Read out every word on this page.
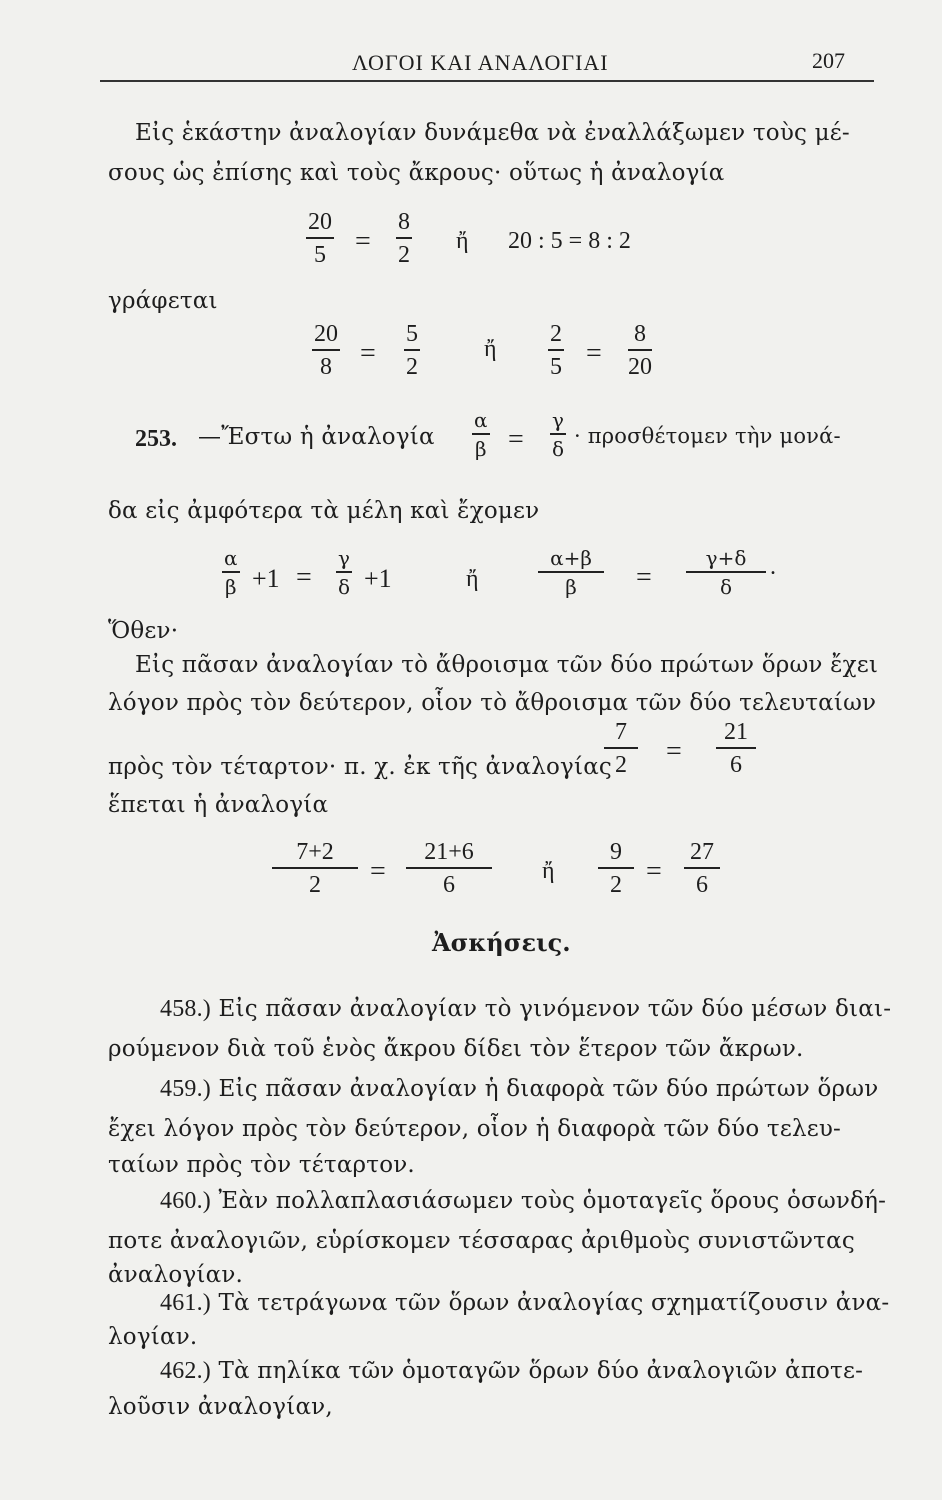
ΛΟΓΟΙ ΚΑΙ ΑΝΑΛΟΓΙΑΙ	207
Εἰς ἑκάστην ἀναλογίαν δυνάμεθα νὰ ἐναλλάξωμεν τοὺς μέ-
σους ὡς ἐπίσης καὶ τοὺς ἄκρους· οὕτως ἡ ἀναλογία
20
5 =
8
2
ἤ 20 : 5 = 8 : 2
γράφεται
20
8 =
5
2
ἤ
2
5 =
8
20
253. —Ἔστω ἡ ἀναλογία
α
β =
γ
δ
· προσθέτομεν τὴν μονά-
δα εἰς ἀμφότερα τὰ μέλη καὶ ἔχομεν
α
β +1 =
γ
δ +1	ἤ
α+β
β =
γ+δ
δ
.
Ὅθεν·
Εἰς πᾶσαν ἀναλογίαν τὸ ἄθροισμα τῶν δύο πρώτων ὅρων ἔχει
λόγον πρὸς τὸν δεύτερον, οἷον τὸ ἄθροισμα τῶν δύο τελευταίων
πρὸς τὸν τέταρτον· π. χ. ἐκ τῆς ἀναλογίας
7
2 =
21
6
ἕπεται ἡ ἀναλογία
7+2
2 =
21+6
6
ἤ
9
2 =
27
6
Ἀσκήσεις.
458.) Εἰς πᾶσαν ἀναλογίαν τὸ γινόμενον τῶν δύο μέσων διαι-
ρούμενον διὰ τοῦ ἑνὸς ἄκρου δίδει τὸν ἕτερον τῶν ἄκρων.
459.) Εἰς πᾶσαν ἀναλογίαν ἡ διαφορὰ τῶν δύο πρώτων ὅρων
ἔχει λόγον πρὸς τὸν δεύτερον, οἷον ἡ διαφορὰ τῶν δύο τελευ-
ταίων πρὸς τὸν τέταρτον.
460.) Ἐὰν πολλαπλασιάσωμεν τοὺς ὁμοταγεῖς ὅρους ὁσωνδή-
ποτε ἀναλογιῶν, εὑρίσκομεν τέσσαρας ἀριθμοὺς συνιστῶντας
ἀναλογίαν.
461.) Τὰ τετράγωνα τῶν ὅρων ἀναλογίας σχηματίζουσιν ἀνα-
λογίαν.
462.) Τὰ πηλίκα τῶν ὁμοταγῶν ὅρων δύο ἀναλογιῶν ἀποτε-
λοῦσιν ἀναλογίαν,
